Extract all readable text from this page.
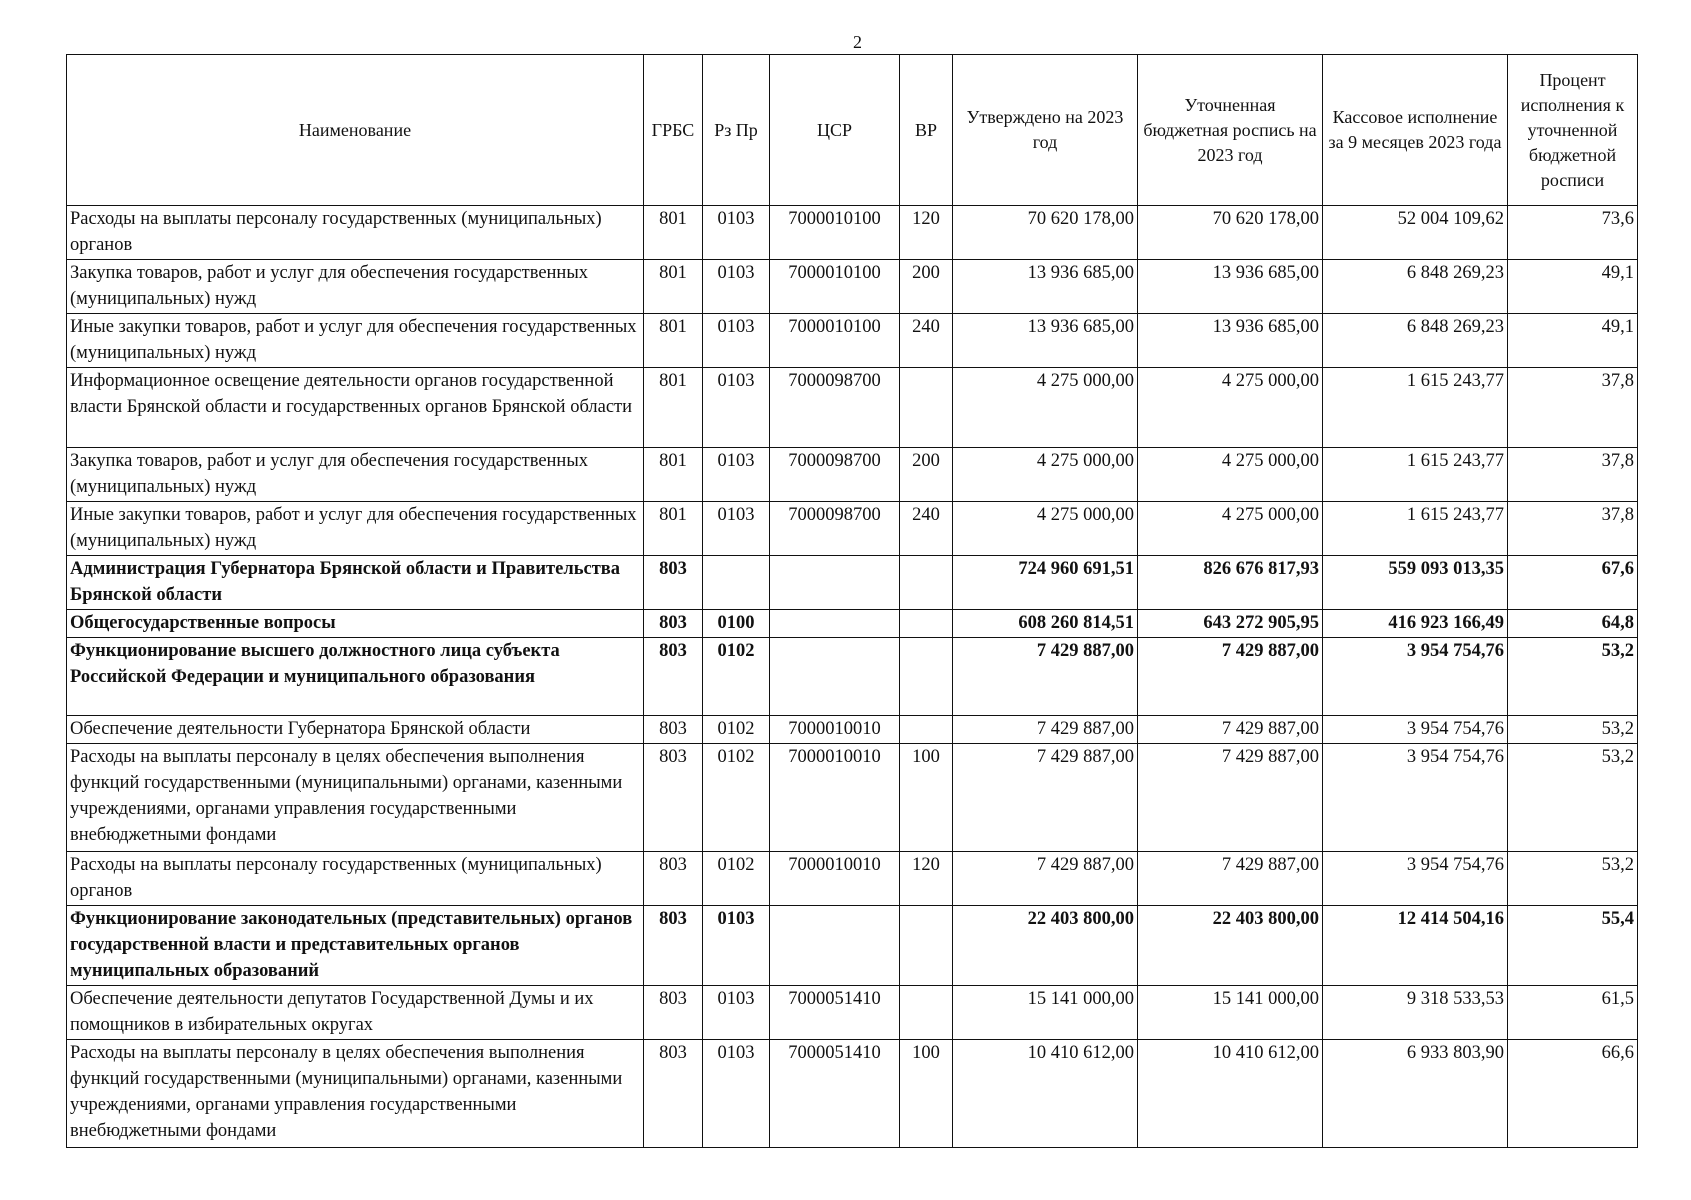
2
Наименование	ГРБС	Рз Пр	ЦСР	ВР	Утверждено на 2023 год	Уточненная бюджетная роспись на 2023 год	Кассовое исполнение за 9 месяцев 2023 года	Процент исполнения к уточненной бюджетной росписи
Расходы на выплаты персоналу государственных (муниципальных) органов	801	0103	7000010100	120	70 620 178,00	70 620 178,00	52 004 109,62	73,6
Закупка товаров, работ и услуг для обеспечения государственных (муниципальных) нужд	801	0103	7000010100	200	13 936 685,00	13 936 685,00	6 848 269,23	49,1
Иные закупки товаров, работ и услуг для обеспечения государственных (муниципальных) нужд	801	0103	7000010100	240	13 936 685,00	13 936 685,00	6 848 269,23	49,1
Информационное освещение деятельности органов государственной власти Брянской области и государственных органов Брянской области	801	0103	7000098700		4 275 000,00	4 275 000,00	1 615 243,77	37,8
Закупка товаров, работ и услуг для обеспечения государственных (муниципальных) нужд	801	0103	7000098700	200	4 275 000,00	4 275 000,00	1 615 243,77	37,8
Иные закупки товаров, работ и услуг для обеспечения государственных (муниципальных) нужд	801	0103	7000098700	240	4 275 000,00	4 275 000,00	1 615 243,77	37,8
Администрация Губернатора Брянской области и Правительства Брянской области	803				724 960 691,51	826 676 817,93	559 093 013,35	67,6
Общегосударственные вопросы	803	0100			608 260 814,51	643 272 905,95	416 923 166,49	64,8
Функционирование высшего должностного лица субъекта Российской Федерации и муниципального образования	803	0102			7 429 887,00	7 429 887,00	3 954 754,76	53,2
Обеспечение деятельности Губернатора Брянской области	803	0102	7000010010		7 429 887,00	7 429 887,00	3 954 754,76	53,2
Расходы на выплаты персоналу в целях обеспечения выполнения функций государственными (муниципальными) органами, казенными учреждениями, органами управления государственными внебюджетными фондами	803	0102	7000010010	100	7 429 887,00	7 429 887,00	3 954 754,76	53,2
Расходы на выплаты персоналу государственных (муниципальных) органов	803	0102	7000010010	120	7 429 887,00	7 429 887,00	3 954 754,76	53,2
Функционирование законодательных (представительных) органов государственной власти и представительных органов муниципальных образований	803	0103			22 403 800,00	22 403 800,00	12 414 504,16	55,4
Обеспечение деятельности депутатов Государственной Думы и их помощников в избирательных округах	803	0103	7000051410		15 141 000,00	15 141 000,00	9 318 533,53	61,5
Расходы на выплаты персоналу в целях обеспечения выполнения функций государственными (муниципальными) органами, казенными учреждениями, органами управления государственными внебюджетными фондами	803	0103	7000051410	100	10 410 612,00	10 410 612,00	6 933 803,90	66,6
